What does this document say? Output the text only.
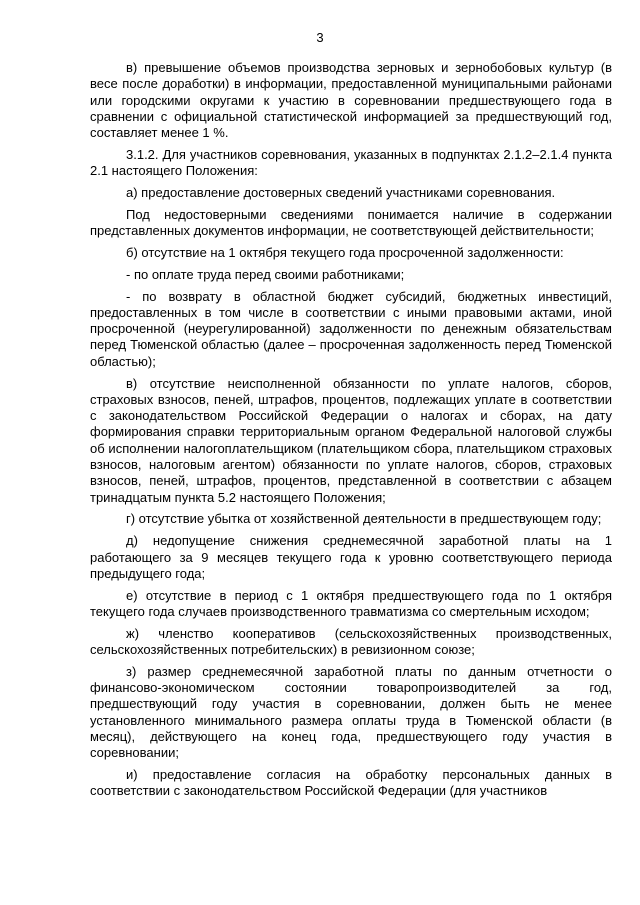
3

в) превышение объемов производства зерновых и зернобобовых культур (в весе после доработки) в информации, предоставленной муниципальными районами или городскими округами к участию в соревновании предшествующего года в сравнении с официальной статистической информацией за предшествующий год, составляет менее 1 %.

3.1.2. Для участников соревнования, указанных в подпунктах 2.1.2–2.1.4 пункта 2.1 настоящего Положения:

а) предоставление достоверных сведений участниками соревнования.

Под недостоверными сведениями понимается наличие в содержании представленных документов информации, не соответствующей действительности;

б) отсутствие на 1 октября текущего года просроченной задолженности:

- по оплате труда перед своими работниками;

- по возврату в областной бюджет субсидий, бюджетных инвестиций, предоставленных в том числе в соответствии с иными правовыми актами, иной просроченной (неурегулированной) задолженности по денежным обязательствам перед Тюменской областью (далее – просроченная задолженность перед Тюменской областью);

в) отсутствие неисполненной обязанности по уплате налогов, сборов, страховых взносов, пеней, штрафов, процентов, подлежащих уплате в соответствии с законодательством Российской Федерации о налогах и сборах, на дату формирования справки территориальным органом Федеральной налоговой службы об исполнении налогоплательщиком (плательщиком сбора, плательщиком страховых взносов, налоговым агентом) обязанности по уплате налогов, сборов, страховых взносов, пеней, штрафов, процентов, представленной в соответствии с абзацем тринадцатым пункта 5.2 настоящего Положения;

г) отсутствие убытка от хозяйственной деятельности в предшествующем году;

д) недопущение снижения среднемесячной заработной платы на 1 работающего за 9 месяцев текущего года к уровню соответствующего периода предыдущего года;

е) отсутствие в период с 1 октября предшествующего года по 1 октября текущего года случаев производственного травматизма со смертельным исходом;

ж) членство кооперативов (сельскохозяйственных производственных, сельскохозяйственных потребительских) в ревизионном союзе;

з) размер среднемесячной заработной платы по данным отчетности о финансово-экономическом состоянии товаропроизводителей за год, предшествующий году участия в соревновании, должен быть не менее установленного минимального размера оплаты труда в Тюменской области (в месяц), действующего на конец года, предшествующего году участия в соревновании;

и) предоставление согласия на обработку персональных данных в соответствии с законодательством Российской Федерации (для участников
